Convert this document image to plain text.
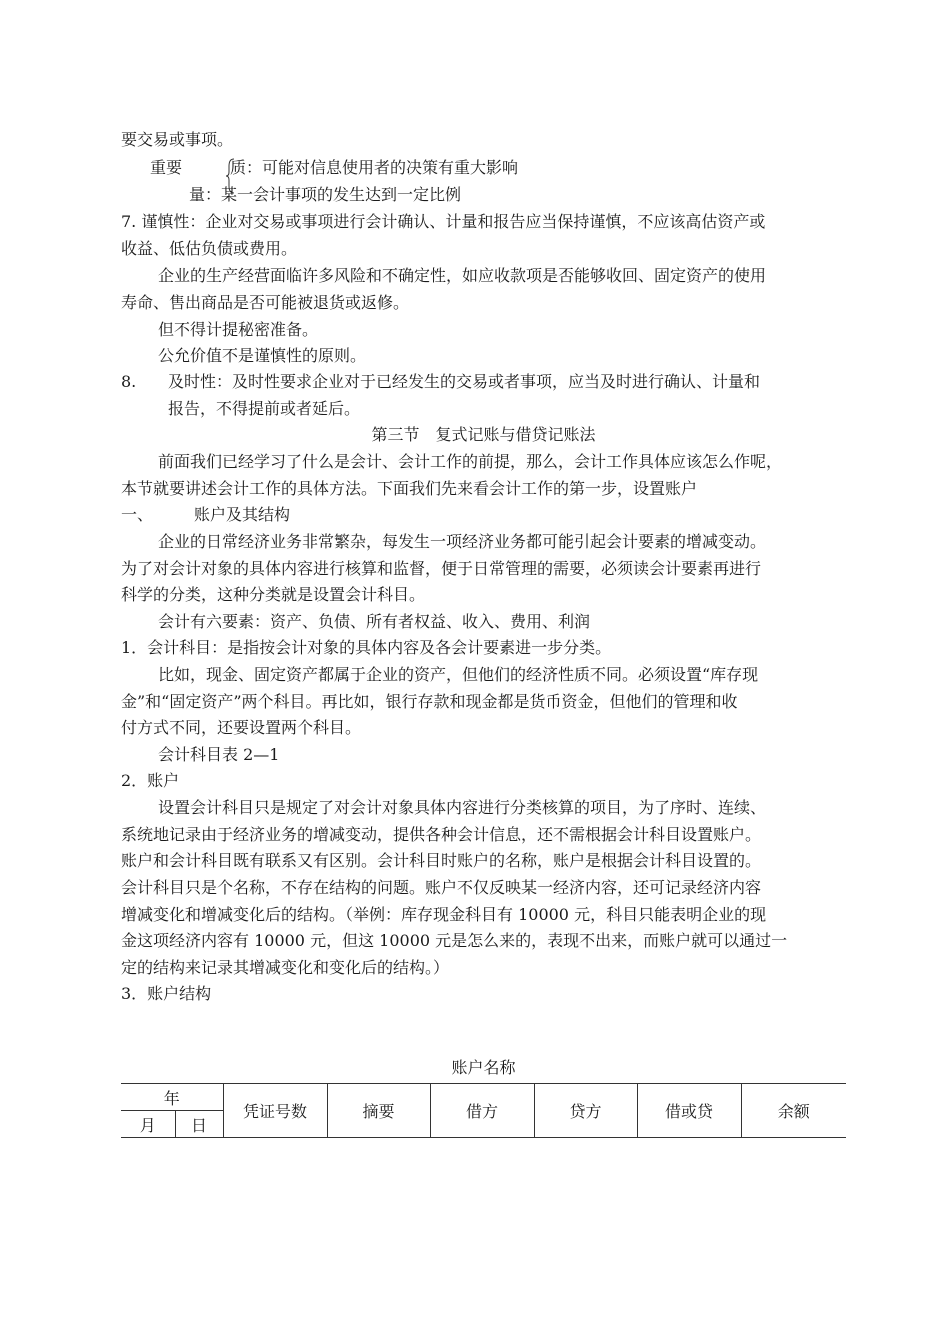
要交易或事项。
重要	质：可能对信息使用者的决策有重大影响
量：某一会计事项的发生达到一定比例
7. 谨慎性：企业对交易或事项进行会计确认、计量和报告应当保持谨慎，不应该高估资产或
收益、低估负债或费用。
企业的生产经营面临许多风险和不确定性，如应收款项是否能够收回、固定资产的使用
寿命、售出商品是否可能被退货或返修。
但不得计提秘密准备。
公允价值不是谨慎性的原则。
8. 及时性：及时性要求企业对于已经发生的交易或者事项，应当及时进行确认、计量和
报告，不得提前或者延后。
第三节　复式记账与借贷记账法
前面我们已经学习了什么是会计、会计工作的前提，那么，会计工作具体应该怎么作呢，
本节就要讲述会计工作的具体方法。下面我们先来看会计工作的第一步，设置账户
一、	账户及其结构
企业的日常经济业务非常繁杂，每发生一项经济业务都可能引起会计要素的增减变动。
为了对会计对象的具体内容进行核算和监督，便于日常管理的需要，必须读会计要素再进行
科学的分类，这种分类就是设置会计科目。
会计有六要素：资产、负债、所有者权益、收入、费用、利润
1．会计科目：是指按会计对象的具体内容及各会计要素进一步分类。
比如，现金、固定资产都属于企业的资产，但他们的经济性质不同。必须设置“库存现
金”和“固定资产”两个科目。再比如，银行存款和现金都是货币资金，但他们的管理和收
付方式不同，还要设置两个科目。
会计科目表 2—1
2．账户
设置会计科目只是规定了对会计对象具体内容进行分类核算的项目，为了序时、连续、
系统地记录由于经济业务的增减变动，提供各种会计信息，还不需根据会计科目设置账户。
账户和会计科目既有联系又有区别。会计科目时账户的名称，账户是根据会计科目设置的。
会计科目只是个名称，不存在结构的问题。账户不仅反映某一经济内容，还可记录经济内容
增减变化和增减变化后的结构。（举例：库存现金科目有 10000 元，科目只能表明企业的现
金这项经济内容有 10000 元，但这 10000 元是怎么来的，表现不出来，而账户就可以通过一
定的结构来记录其增减变化和变化后的结构。）
3．账户结构
账户名称
年		凭证号数	摘要	借方	贷方	借或贷	余额
月	日						
